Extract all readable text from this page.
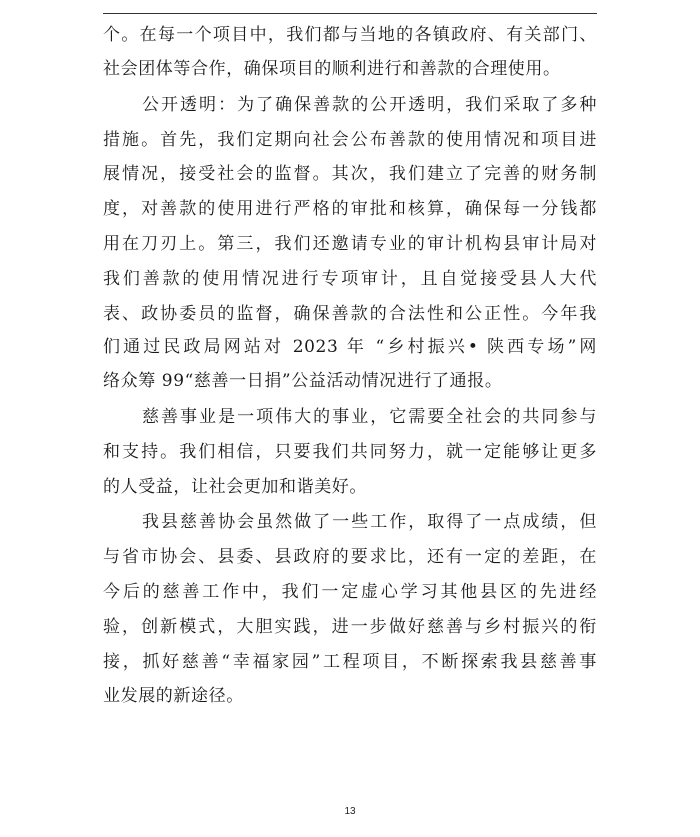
个。在每一个项目中，我们都与当地的各镇政府、有关部门、
社会团体等合作，确保项目的顺利进行和善款的合理使用。
公开透明：为了确保善款的公开透明，我们采取了多种
措施。首先，我们定期向社会公布善款的使用情况和项目进
展情况，接受社会的监督。其次，我们建立了完善的财务制
度，对善款的使用进行严格的审批和核算，确保每一分钱都
用在刀刃上。第三，我们还邀请专业的审计机构县审计局对
我们善款的使用情况进行专项审计，且自觉接受县人大代
表、政协委员的监督，确保善款的合法性和公正性。今年我
们通过民政局网站对 2023 年 “乡村振兴• 陕西专场”网
络众筹 99“慈善一日捐”公益活动情况进行了通报。
慈善事业是一项伟大的事业，它需要全社会的共同参与
和支持。我们相信，只要我们共同努力，就一定能够让更多
的人受益，让社会更加和谐美好。
我县慈善协会虽然做了一些工作，取得了一点成绩，但
与省市协会、县委、县政府的要求比，还有一定的差距，在
今后的慈善工作中，我们一定虚心学习其他县区的先进经
验，创新模式，大胆实践，进一步做好慈善与乡村振兴的衔
接，抓好慈善“幸福家园”工程项目，不断探索我县慈善事
业发展的新途径。
13
